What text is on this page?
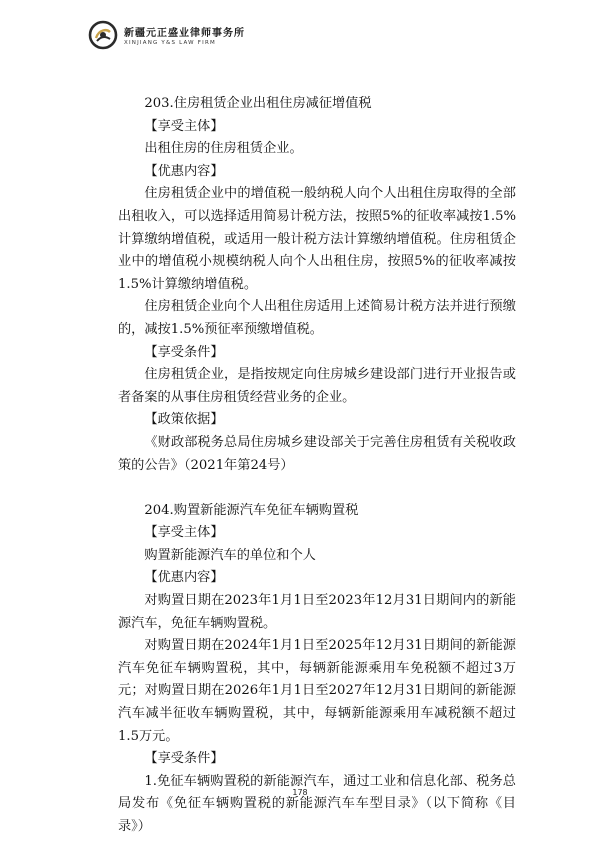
新疆元正盛业律师事务所
XINJIANG Y&S LAW FIRM

203.住房租赁企业出租住房减征增值税

【享受主体】

出租住房的住房租赁企业。

【优惠内容】

住房租赁企业中的增值税一般纳税人向个人出租住房取得的全部出租收入，可以选择适用简易计税方法，按照5%的征收率减按1.5%计算缴纳增值税，或适用一般计税方法计算缴纳增值税。住房租赁企业中的增值税小规模纳税人向个人出租住房，按照5%的征收率减按1.5%计算缴纳增值税。

住房租赁企业向个人出租住房适用上述简易计税方法并进行预缴的，减按1.5%预征率预缴增值税。

【享受条件】

住房租赁企业，是指按规定向住房城乡建设部门进行开业报告或者备案的从事住房租赁经营业务的企业。

【政策依据】

《财政部税务总局住房城乡建设部关于完善住房租赁有关税收政策的公告》（2021年第24号）

204.购置新能源汽车免征车辆购置税

【享受主体】

购置新能源汽车的单位和个人

【优惠内容】

对购置日期在2023年1月1日至2023年12月31日期间内的新能源汽车，免征车辆购置税。

对购置日期在2024年1月1日至2025年12月31日期间的新能源汽车免征车辆购置税，其中，每辆新能源乘用车免税额不超过3万元；对购置日期在2026年1月1日至2027年12月31日期间的新能源汽车减半征收车辆购置税，其中，每辆新能源乘用车减税额不超过1.5万元。

【享受条件】

1.免征车辆购置税的新能源汽车，通过工业和信息化部、税务总局发布《免征车辆购置税的新能源汽车车型目录》（以下简称《目录》）

178
